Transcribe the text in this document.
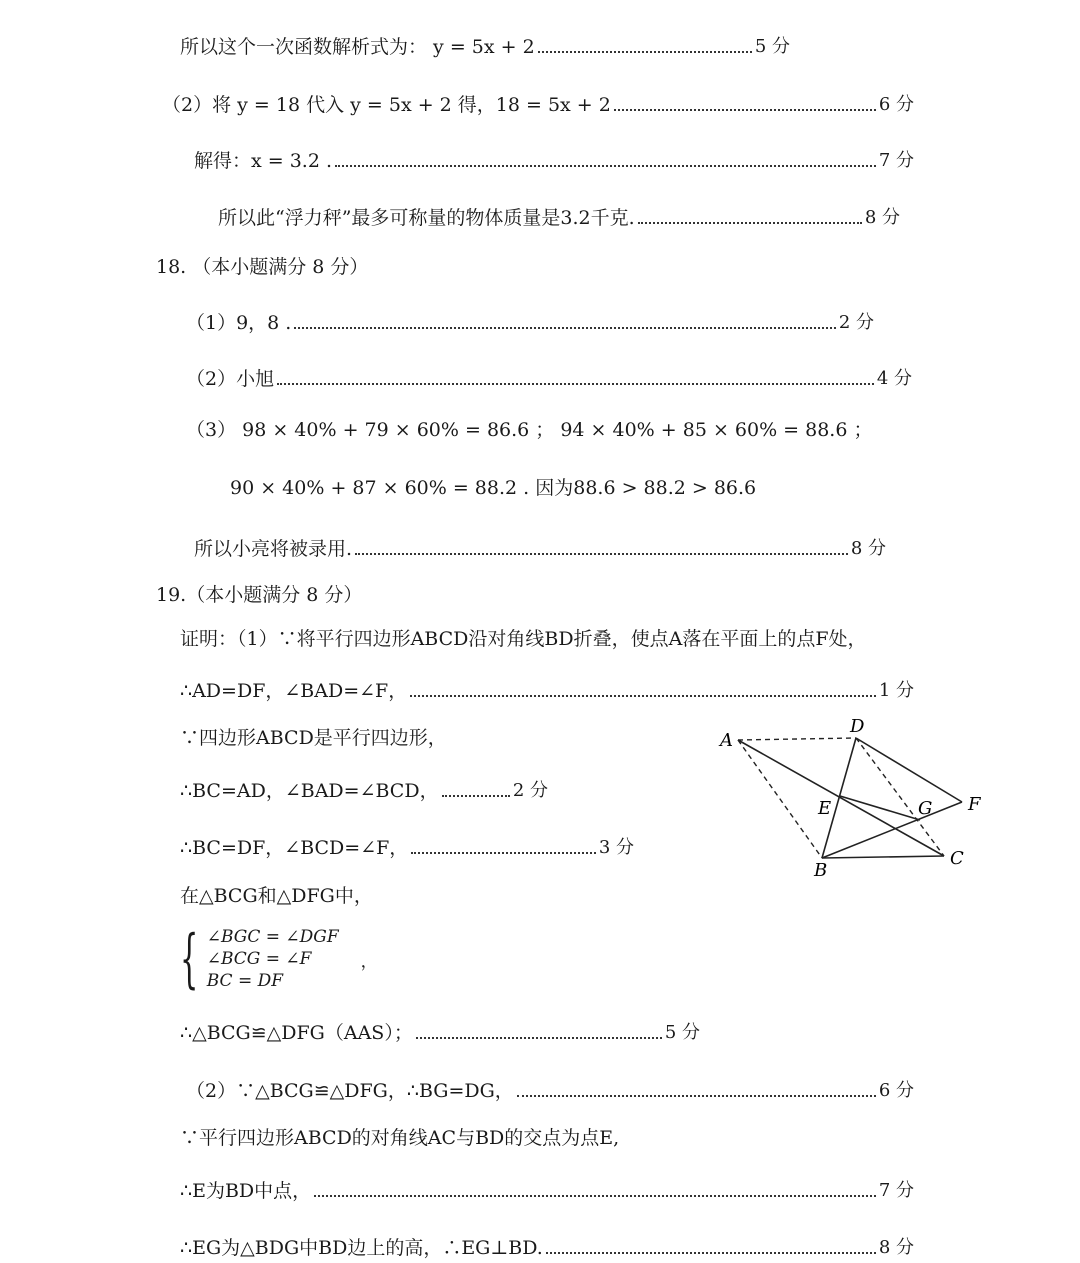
所以这个一次函数解析式为： y = 5x + 2	5 分
（2）将 y = 18 代入 y = 5x + 2 得，18 = 5x + 2	6 分
解得：x = 3.2 .	7 分
所以此“浮力秤”最多可称量的物体质量是3.2千克.	8 分
18. （本小题满分 8 分）
（1）9，8 .	2 分
（2）小旭	4 分
（3） 98 × 40% + 79 × 60% = 86.6 ； 94 × 40% + 85 × 60% = 88.6 ；
90 × 40% + 87 × 60% = 88.2 . 因为88.6 > 88.2 > 86.6
所以小亮将被录用.	8 分
19.（本小题满分 8 分）
证明：（1）∵将平行四边形ABCD沿对角线BD折叠，使点A落在平面上的点F处，
∴AD=DF，∠BAD=∠F，	1 分
∵四边形ABCD是平行四边形，
∴BC=AD，∠BAD=∠BCD，	2 分
∴BC=DF，∠BCD=∠F，	3 分
在△BCG和△DFG中，
{ ∠BGC = ∠DGF
∠BCG = ∠F
BC = DF
，
∴△BCG≌△DFG（AAS）；	5 分
（2）∵△BCG≌△DFG，∴BG=DG，	6 分
∵平行四边形ABCD的对角线AC与BD的交点为点E,
∴E为BD中点，	7 分
∴EG为△BDG中BD边上的高，∴EG⊥BD.	8 分
A
D
E	G F
B
C
